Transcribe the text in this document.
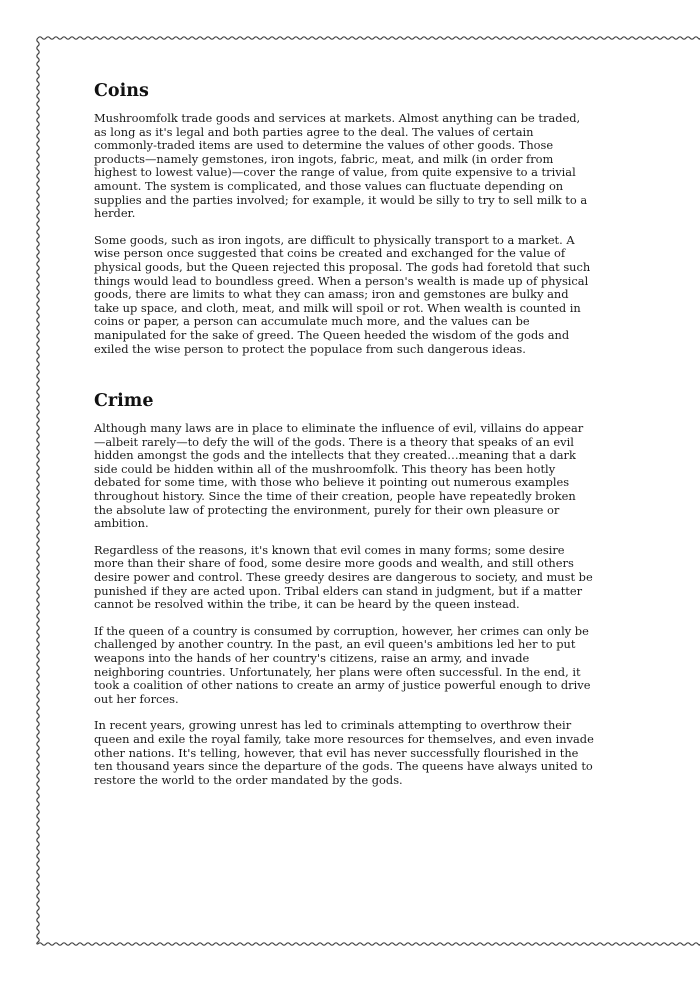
Coins

Mushroomfolk trade goods and services at markets. Almost anything can be traded, as long as it's legal and both parties agree to the deal. The values of certain commonly-traded items are used to determine the values of other goods. Those products—namely gemstones, iron ingots, fabric, meat, and milk (in order from highest to lowest value)—cover the range of value, from quite expensive to a trivial amount. The system is complicated, and those values can fluctuate depending on supplies and the parties involved; for example, it would be silly to try to sell milk to a herder.

Some goods, such as iron ingots, are difficult to physically transport to a market. A wise person once suggested that coins be created and exchanged for the value of physical goods, but the Queen rejected this proposal. The gods had foretold that such things would lead to boundless greed. When a person's wealth is made up of physical goods, there are limits to what they can amass; iron and gemstones are bulky and take up space, and cloth, meat, and milk will spoil or rot. When wealth is counted in coins or paper, a person can accumulate much more, and the values can be manipulated for the sake of greed. The Queen heeded the wisdom of the gods and exiled the wise person to protect the populace from such dangerous ideas.

Crime

Although many laws are in place to eliminate the influence of evil, villains do appear—albeit rarely—to defy the will of the gods. There is a theory that speaks of an evil hidden amongst the gods and the intellects that they created…meaning that a dark side could be hidden within all of the mushroomfolk. This theory has been hotly debated for some time, with those who believe it pointing out numerous examples throughout history. Since the time of their creation, people have repeatedly broken the absolute law of protecting the environment, purely for their own pleasure or ambition.

Regardless of the reasons, it's known that evil comes in many forms; some desire more than their share of food, some desire more goods and wealth, and still others desire power and control. These greedy desires are dangerous to society, and must be punished if they are acted upon. Tribal elders can stand in judgment, but if a matter cannot be resolved within the tribe, it can be heard by the queen instead.

If the queen of a country is consumed by corruption, however, her crimes can only be challenged by another country. In the past, an evil queen's ambitions led her to put weapons into the hands of her country's citizens, raise an army, and invade neighboring countries. Unfortunately, her plans were often successful. In the end, it took a coalition of other nations to create an army of justice powerful enough to drive out her forces.

In recent years, growing unrest has led to criminals attempting to overthrow their queen and exile the royal family, take more resources for themselves, and even invade other nations. It's telling, however, that evil has never successfully flourished in the ten thousand years since the departure of the gods. The queens have always united to restore the world to the order mandated by the gods.
